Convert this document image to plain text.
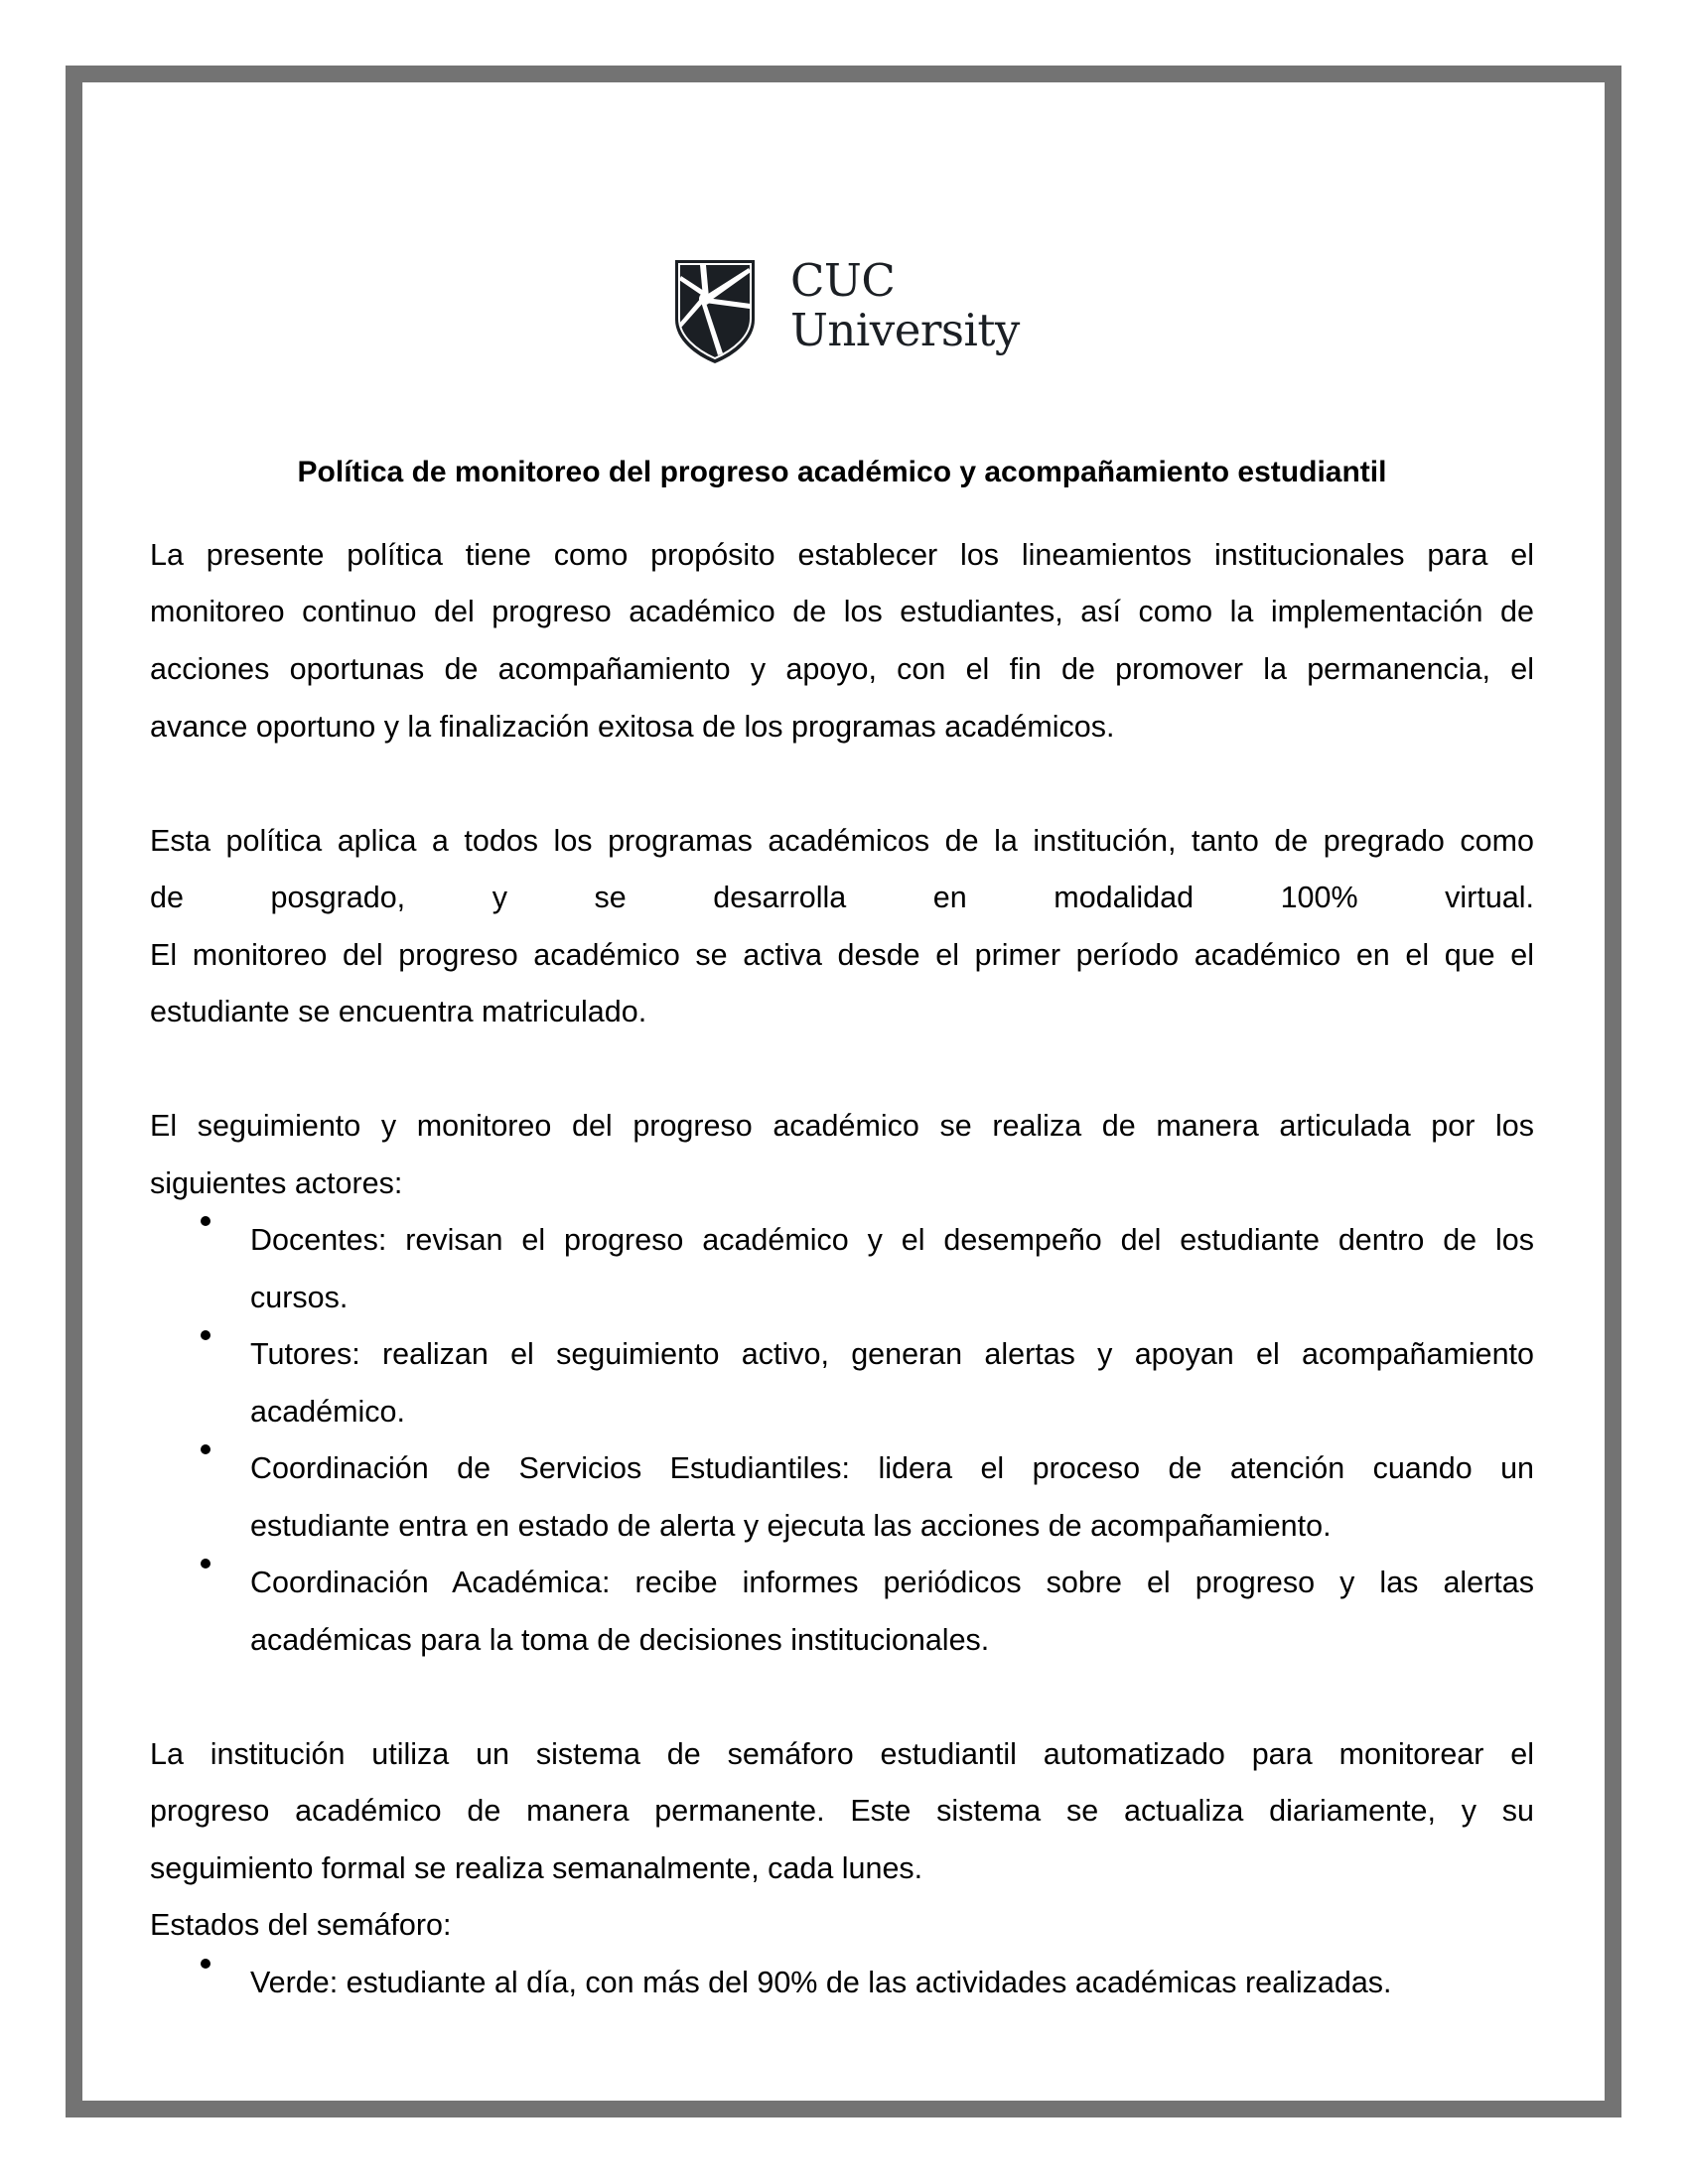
CUC
University
Política de monitoreo del progreso académico y acompañamiento estudiantil
La presente política tiene como propósito establecer los lineamientos institucionales para el
monitoreo continuo del progreso académico de los estudiantes, así como la implementación de
acciones oportunas de acompañamiento y apoyo, con el fin de promover la permanencia, el
avance oportuno y la finalización exitosa de los programas académicos.
Esta política aplica a todos los programas académicos de la institución, tanto de pregrado como
de posgrado, y se desarrolla en modalidad 100% virtual.
El monitoreo del progreso académico se activa desde el primer período académico en el que el
estudiante se encuentra matriculado.
El seguimiento y monitoreo del progreso académico se realiza de manera articulada por los
siguientes actores:
Docentes: revisan el progreso académico y el desempeño del estudiante dentro de los
cursos.
Tutores: realizan el seguimiento activo, generan alertas y apoyan el acompañamiento
académico.
Coordinación de Servicios Estudiantiles: lidera el proceso de atención cuando un
estudiante entra en estado de alerta y ejecuta las acciones de acompañamiento.
Coordinación Académica: recibe informes periódicos sobre el progreso y las alertas
académicas para la toma de decisiones institucionales.
La institución utiliza un sistema de semáforo estudiantil automatizado para monitorear el
progreso académico de manera permanente. Este sistema se actualiza diariamente, y su
seguimiento formal se realiza semanalmente, cada lunes.
Estados del semáforo:
Verde: estudiante al día, con más del 90% de las actividades académicas realizadas.
